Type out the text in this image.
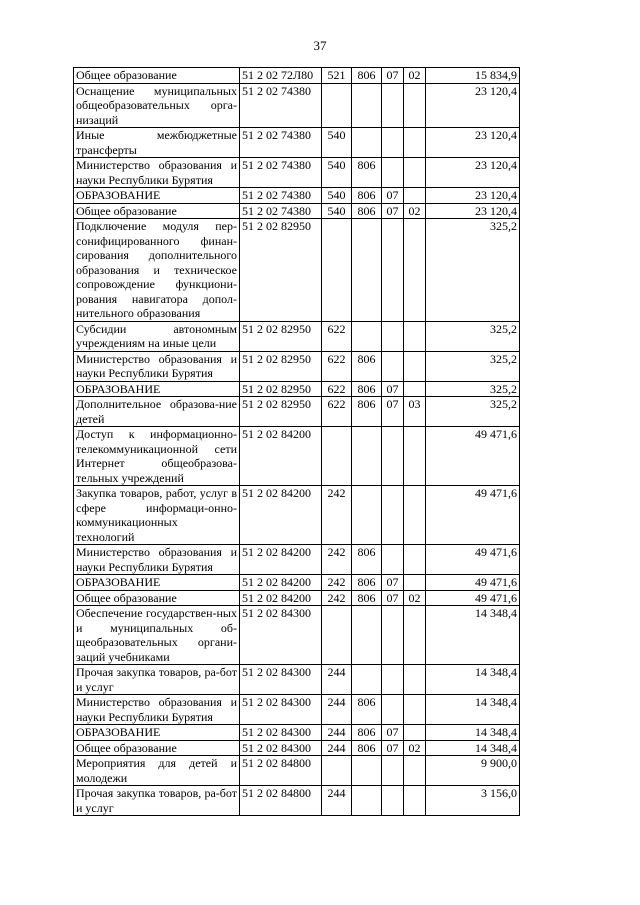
37
Общее образование	51 2 02 72Л80	521	806	07	02	15 834,9
Оснащение муниципальных общеобразовательных орга-низаций	51 2 02 74380					23 120,4
Иные межбюджетные трансферты	51 2 02 74380	540				23 120,4
Министерство образования и науки Республики Бурятия	51 2 02 74380	540	806			23 120,4
ОБРАЗОВАНИЕ	51 2 02 74380	540	806	07		23 120,4
Общее образование	51 2 02 74380	540	806	07	02	23 120,4
Подключение модуля пер-сонифицированного финан-сирования дополнительного образования и техническое сопровождение функциони-рования навигатора допол-нительного образования	51 2 02 82950					325,2
Субсидии автономным учреждениям на иные цели	51 2 02 82950	622				325,2
Министерство образования и науки Республики Бурятия	51 2 02 82950	622	806			325,2
ОБРАЗОВАНИЕ	51 2 02 82950	622	806	07		325,2
Дополнительное образова-ние детей	51 2 02 82950	622	806	07	03	325,2
Доступ к информационно-телекоммуникационной сети Интернет общеобразова-тельных учреждений	51 2 02 84200					49 471,6
Закупка товаров, работ, услуг в сфере информаци-онно-коммуникационных технологий	51 2 02 84200	242				49 471,6
Министерство образования и науки Республики Бурятия	51 2 02 84200	242	806			49 471,6
ОБРАЗОВАНИЕ	51 2 02 84200	242	806	07		49 471,6
Общее образование	51 2 02 84200	242	806	07	02	49 471,6
Обеспечение государствен-ных и муниципальных об-щеобразовательных органи-заций учебниками	51 2 02 84300					14 348,4
Прочая закупка товаров, ра-бот и услуг	51 2 02 84300	244				14 348,4
Министерство образования и науки Республики Бурятия	51 2 02 84300	244	806			14 348,4
ОБРАЗОВАНИЕ	51 2 02 84300	244	806	07		14 348,4
Общее образование	51 2 02 84300	244	806	07	02	14 348,4
Мероприятия для детей и молодежи	51 2 02 84800					9 900,0
Прочая закупка товаров, ра-бот и услуг	51 2 02 84800	244				3 156,0
